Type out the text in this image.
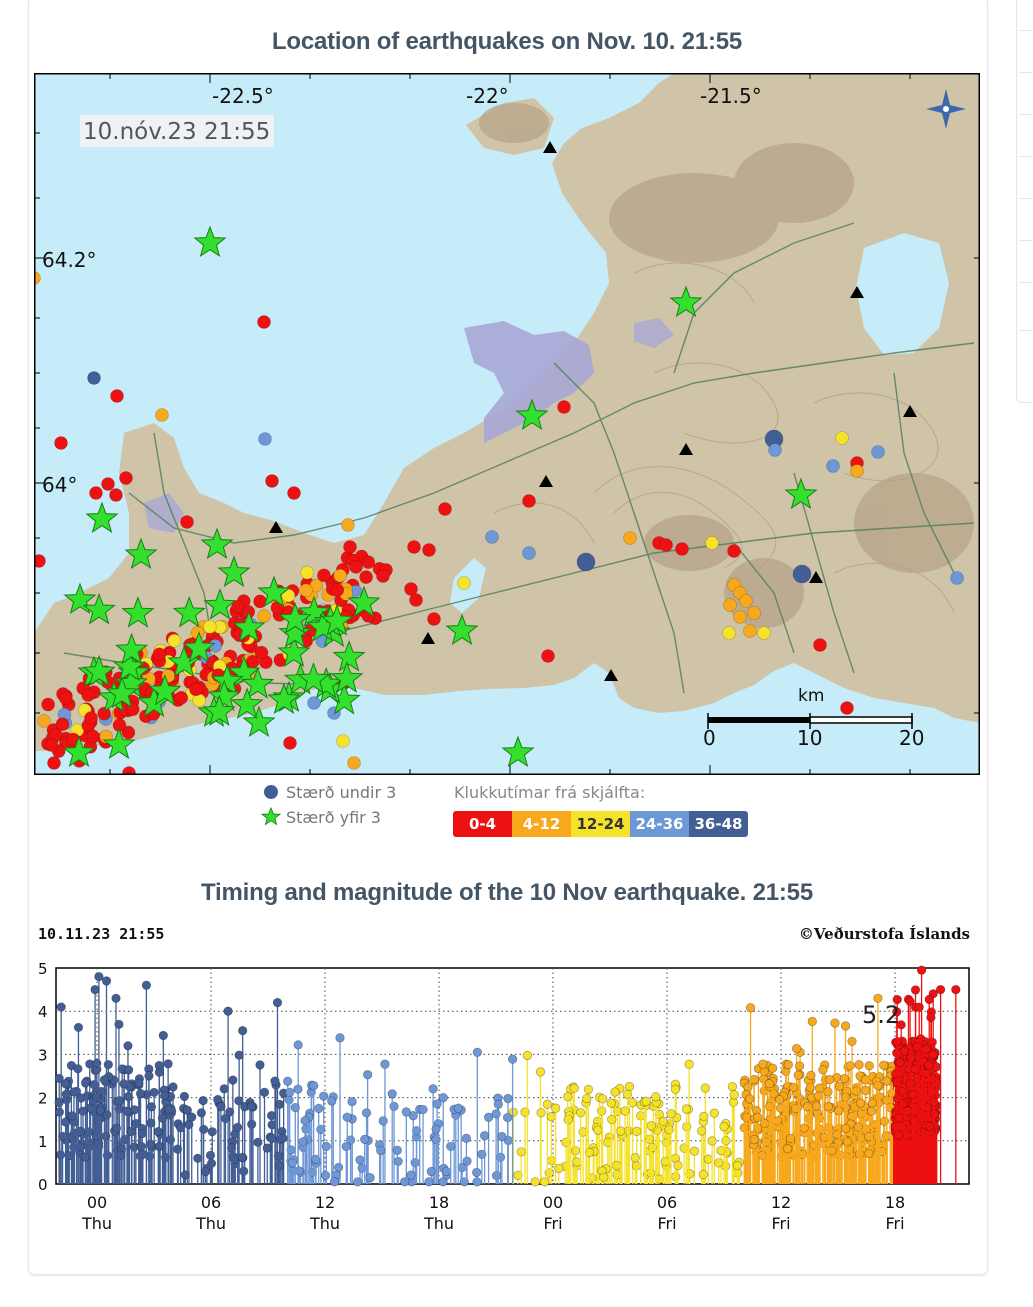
Location of earthquakes on Nov. 10. 21:55
10.nóv.23 21:55
-22.5°	-22°	-21.5°
64.2°
64°
km
0	10	20
Stærð undir 3
Stærð yfir 3
Klukkutímar frá skjálfta:
0-4 4-12 12-24 24-36 36-48
Timing and magnitude of the 10 Nov earthquake. 21:55
10.11.23 21:55	©Veðurstofa Íslands
5
4
3
2
1
0
00
Thu
06
Thu
12
Thu
18
Thu
00
Fri
06
Fri
12
Fri
18
Fri
5.2
